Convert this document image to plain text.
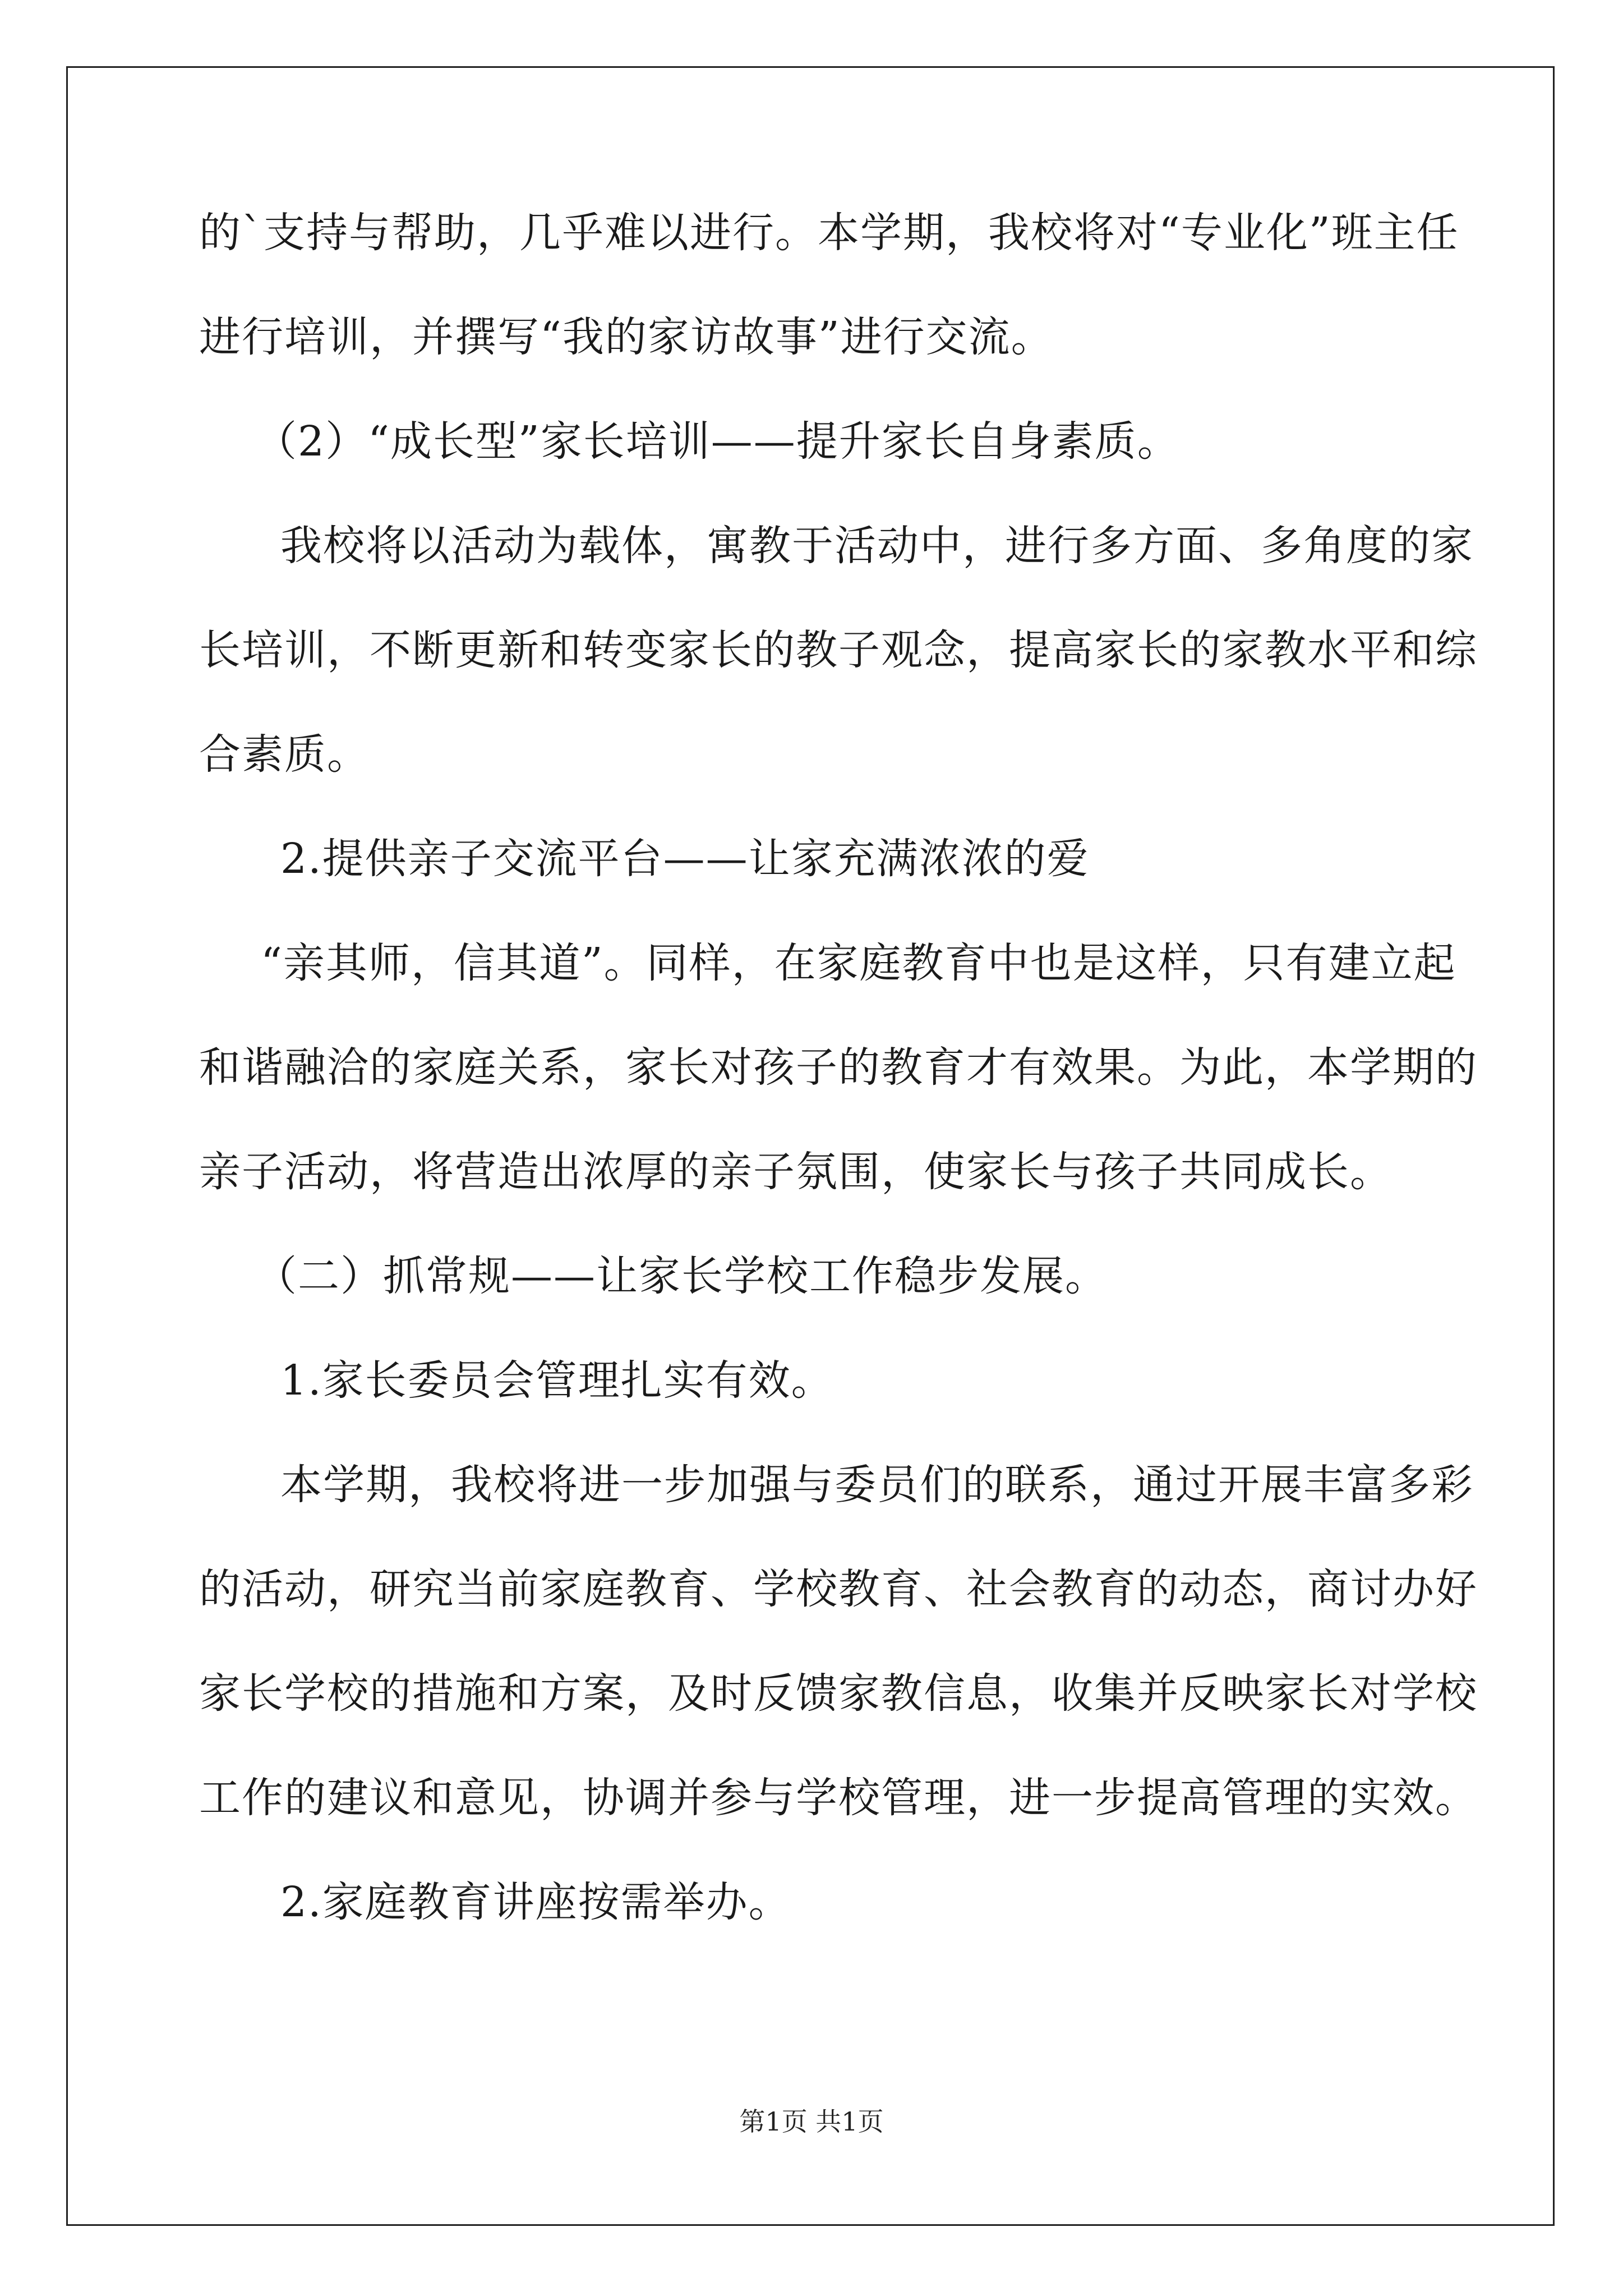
的`支持与帮助，几乎难以进行。本学期，我校将对“专业化”班主任

进行培训，并撰写“我的家访故事”进行交流。

（2）“成长型”家长培训——提升家长自身素质。

我校将以活动为载体，寓教于活动中，进行多方面、多角度的家

长培训，不断更新和转变家长的教子观念，提高家长的家教水平和综

合素质。

2.提供亲子交流平台——让家充满浓浓的爱

“亲其师，信其道”。同样，在家庭教育中也是这样，只有建立起

和谐融洽的家庭关系，家长对孩子的教育才有效果。为此，本学期的

亲子活动，将营造出浓厚的亲子氛围，使家长与孩子共同成长。

（二）抓常规——让家长学校工作稳步发展。

1.家长委员会管理扎实有效。

本学期，我校将进一步加强与委员们的联系，通过开展丰富多彩

的活动，研究当前家庭教育、学校教育、社会教育的动态，商讨办好

家长学校的措施和方案，及时反馈家教信息，收集并反映家长对学校

工作的建议和意见，协调并参与学校管理，进一步提高管理的实效。

2.家庭教育讲座按需举办。

第1页 共1页
